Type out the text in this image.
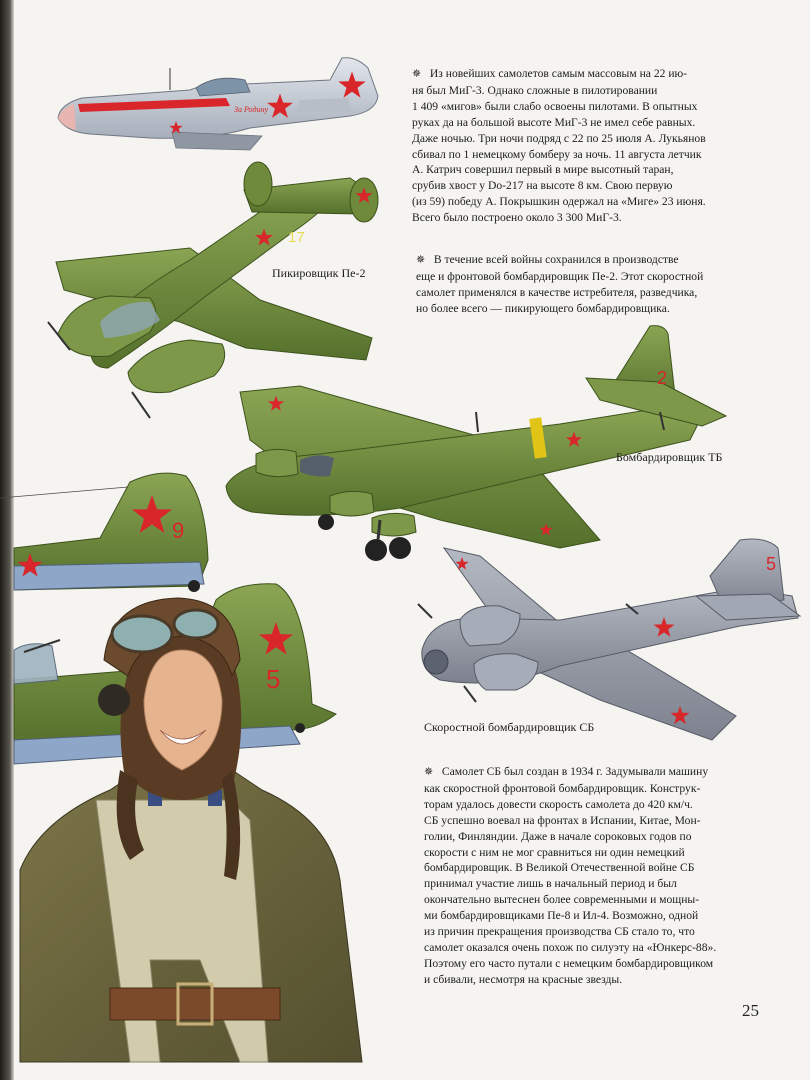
За Родину
17
2
9
5
5
✵ Из новейших самолетов самым массовым на 22 ию-
ня был МиГ-3. Однако сложные в пилотировании
1 409 «мигов» были слабо освоены пилотами. В опытных
руках да на большой высоте МиГ-3 не имел себе равных.
Даже ночью. Три ночи подряд с 22 по 25 июля А. Лукьянов
сбивал по 1 немецкому бомберу за ночь. 11 августа летчик
А. Катрич совершил первый в мире высотный таран,
срубив хвост у Do-217 на высоте 8 км. Свою первую
(из 59) победу А. Покрышкин одержал на «Миге» 23 июня.
Всего было построено около 3 300 МиГ-3.
✵ В течение всей войны сохранился в производстве
еще и фронтовой бомбардировщик Пе-2. Этот скоростной
самолет применялся в качестве истребителя, разведчика,
но более всего — пикирующего бомбардировщика.
Пикировщик Пе-2
Бомбардировщик ТБ
Скоростной бомбардировщик СБ
✵ Самолет СБ был создан в 1934 г. Задумывали машину
как скоростной фронтовой бомбардировщик. Конструк-
торам удалось довести скорость самолета до 420 км/ч.
СБ успешно воевал на фронтах в Испании, Китае, Мон-
голии, Финляндии. Даже в начале сороковых годов по
скорости с ним не мог сравниться ни один немецкий
бомбардировщик. В Великой Отечественной войне СБ
принимал участие лишь в начальный период и был
окончательно вытеснен более современными и мощны-
ми бомбардировщиками Пе-8 и Ил-4. Возможно, одной
из причин прекращения производства СБ стало то, что
самолет оказался очень похож по силуэту на «Юнкерс-88».
Поэтому его часто путали с немецким бомбардировщиком
и сбивали, несмотря на красные звезды.
25
